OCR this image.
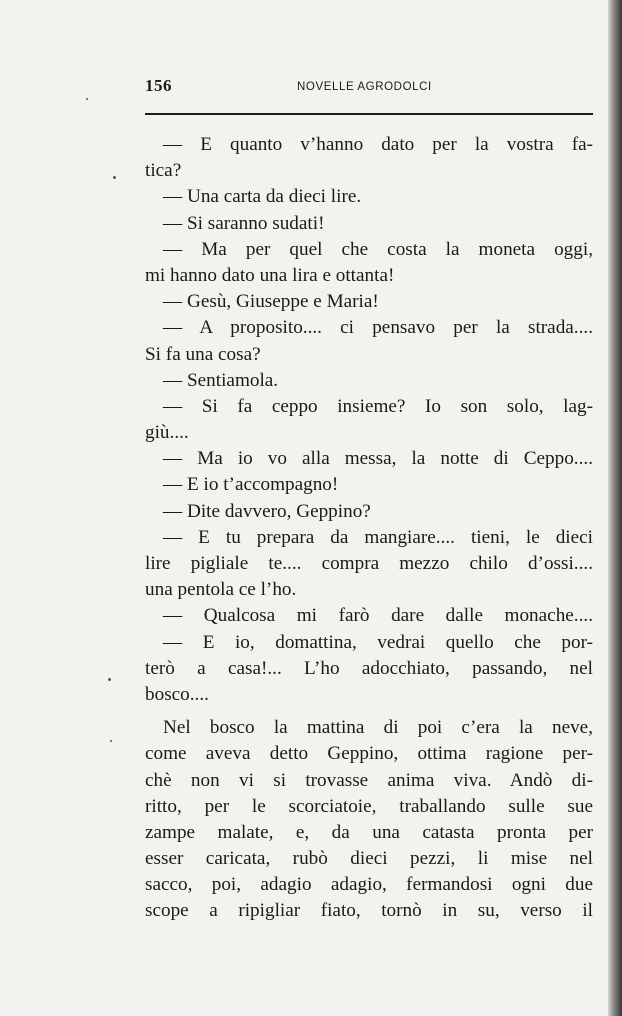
156	NOVELLE AGRODOLCI
— E quanto v’hanno dato per la vostra fa-
tica?
— Una carta da dieci lire.
— Si saranno sudati!
— Ma per quel che costa la moneta oggi,
mi hanno dato una lira e ottanta!
— Gesù, Giuseppe e Maria!
— A proposito.... ci pensavo per la strada....
Si fa una cosa?
— Sentiamola.
— Si fa ceppo insieme? Io son solo, lag-
giù....
— Ma io vo alla messa, la notte di Ceppo....
— E io t’accompagno!
— Dite davvero, Geppino?
— E tu prepara da mangiare.... tieni, le dieci
lire pigliale te.... compra mezzo chilo d’ossi....
una pentola ce l’ho.
— Qualcosa mi farò dare dalle monache....
— E io, domattina, vedrai quello che por-
terò a casa!... L’ho adocchiato, passando, nel
bosco....
Nel bosco la mattina di poi c’era la neve,
come aveva detto Geppino, ottima ragione per-
chè non vi si trovasse anima viva. Andò di-
ritto, per le scorciatoie, traballando sulle sue
zampe malate, e, da una catasta pronta per
esser caricata, rubò dieci pezzi, li mise nel
sacco, poi, adagio adagio, fermandosi ogni due
scope a ripigliar fiato, tornò in su, verso il
